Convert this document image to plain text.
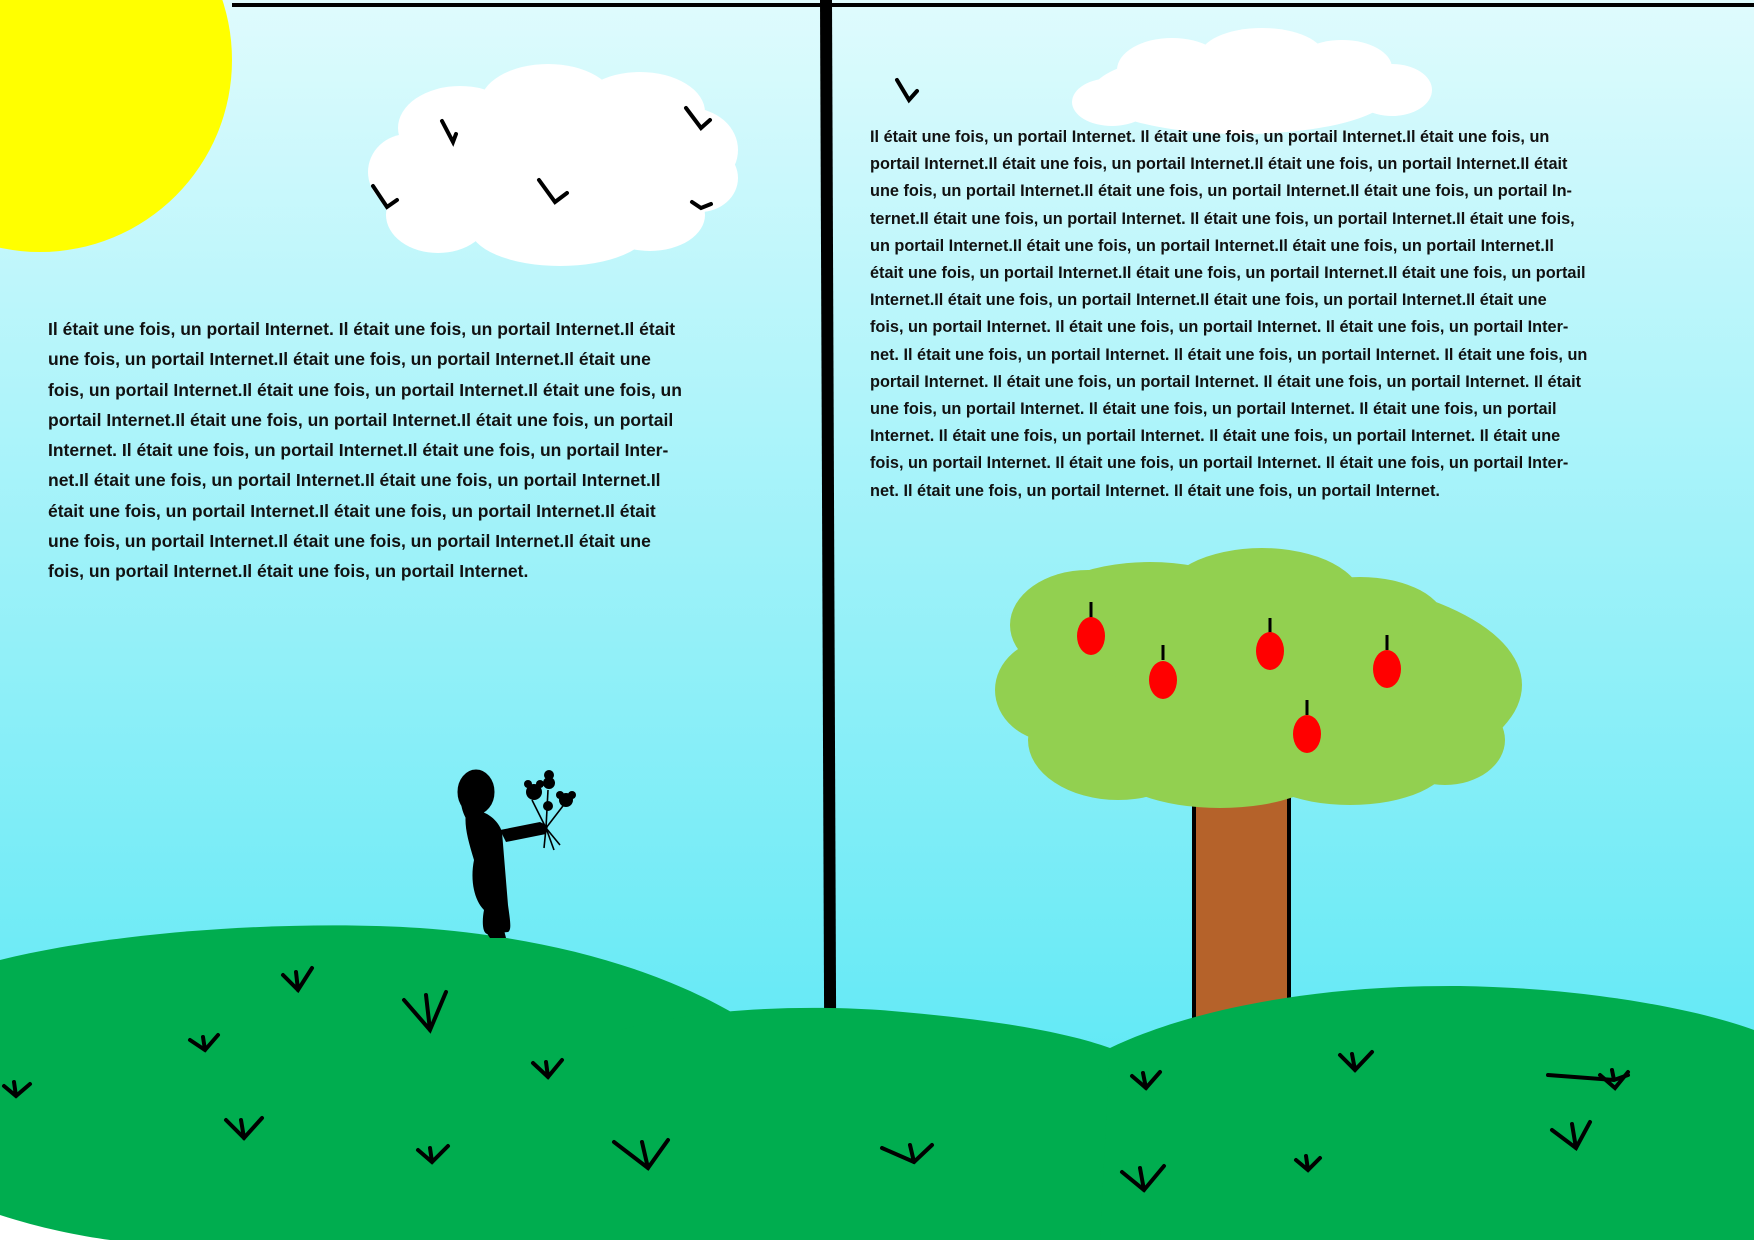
Il était une fois, un portail Internet. Il était une fois, un portail Internet.Il était
une fois, un portail Internet.Il était une fois, un portail Internet.Il était une
fois, un portail Internet.Il était une fois, un portail Internet.Il était une fois, un
portail Internet.Il était une fois, un portail Internet.Il était une fois, un portail
Internet. Il était une fois, un portail Internet.Il était une fois, un portail Inter-
net.Il était une fois, un portail Internet.Il était une fois, un portail Internet.Il
était une fois, un portail Internet.Il était une fois, un portail Internet.Il était
une fois, un portail Internet.Il était une fois, un portail Internet.Il était une
fois, un portail Internet.Il était une fois, un portail Internet.

Il était une fois, un portail Internet. Il était une fois, un portail Internet.Il était une fois, un
portail Internet.Il était une fois, un portail Internet.Il était une fois, un portail Internet.Il était
une fois, un portail Internet.Il était une fois, un portail Internet.Il était une fois, un portail In-
ternet.Il était une fois, un portail Internet. Il était une fois, un portail Internet.Il était une fois,
un portail Internet.Il était une fois, un portail Internet.Il était une fois, un portail Internet.Il
était une fois, un portail Internet.Il était une fois, un portail Internet.Il était une fois, un portail
Internet.Il était une fois, un portail Internet.Il était une fois, un portail Internet.Il était une
fois, un portail Internet. Il était une fois, un portail Internet. Il était une fois, un portail Inter-
net. Il était une fois, un portail Internet. Il était une fois, un portail Internet. Il était une fois, un
portail Internet. Il était une fois, un portail Internet. Il était une fois, un portail Internet. Il était
une fois, un portail Internet. Il était une fois, un portail Internet. Il était une fois, un portail
Internet. Il était une fois, un portail Internet. Il était une fois, un portail Internet. Il était une
fois, un portail Internet. Il était une fois, un portail Internet. Il était une fois, un portail Inter-
net. Il était une fois, un portail Internet. Il était une fois, un portail Internet.
